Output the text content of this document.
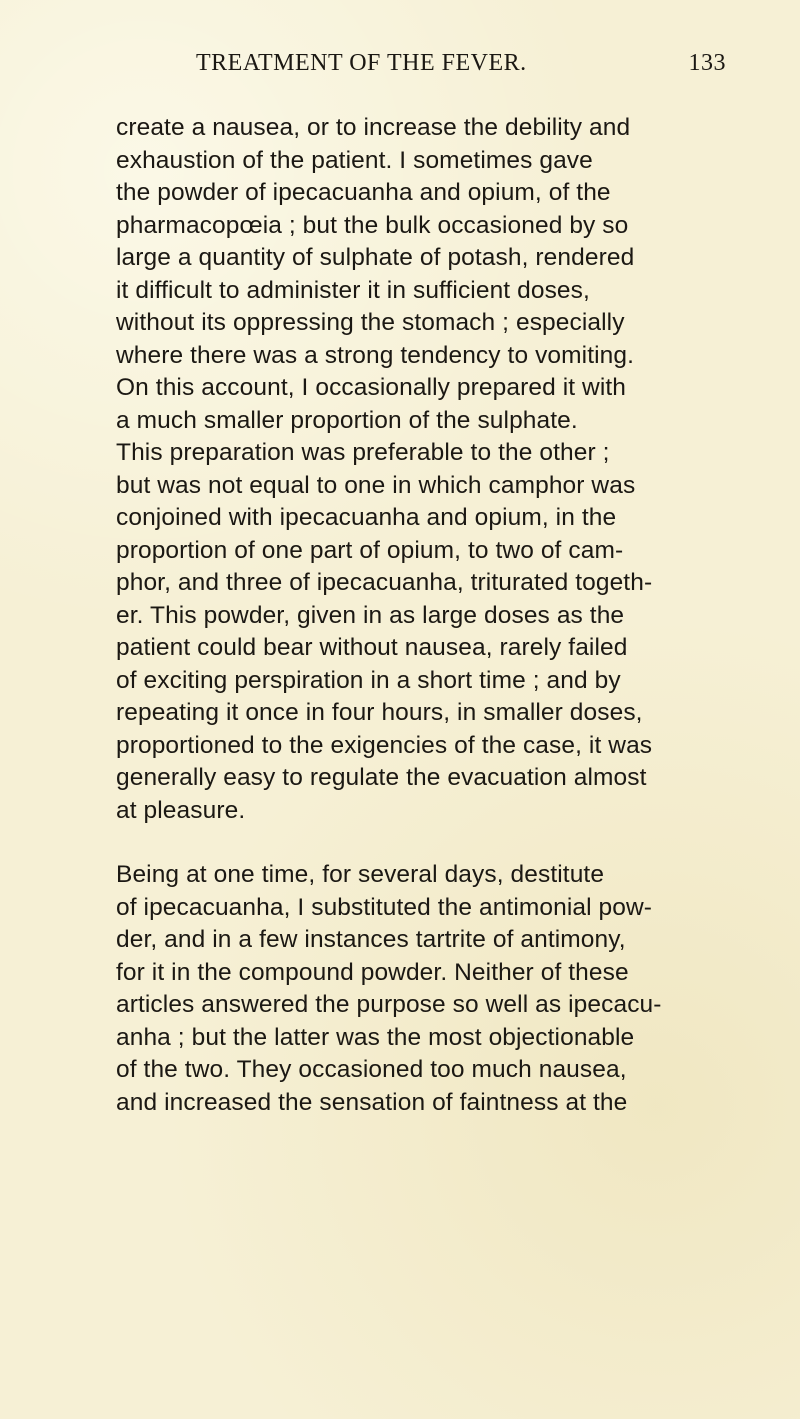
TREATMENT OF THE FEVER.	133
create a nausea, or to increase the debility and
exhaustion of the patient. I sometimes gave
the powder of ipecacuanha and opium, of the
pharmacopœia ; but the bulk occasioned by so
large a quantity of sulphate of potash, rendered
it difficult to administer it in sufficient doses,
without its oppressing the stomach ; especially
where there was a strong tendency to vomiting.
On this account, I occasionally prepared it with
a much smaller proportion of the sulphate.
This preparation was preferable to the other ;
but was not equal to one in which camphor was
conjoined with ipecacuanha and opium, in the
proportion of one part of opium, to two of cam-
phor, and three of ipecacuanha, triturated togeth-
er. This powder, given in as large doses as the
patient could bear without nausea, rarely failed
of exciting perspiration in a short time ; and by
repeating it once in four hours, in smaller doses,
proportioned to the exigencies of the case, it was
generally easy to regulate the evacuation almost
at pleasure.
Being at one time, for several days, destitute
of ipecacuanha, I substituted the antimonial pow-
der, and in a few instances tartrite of antimony,
for it in the compound powder. Neither of these
articles answered the purpose so well as ipecacu-
anha ; but the latter was the most objectionable
of the two. They occasioned too much nausea,
and increased the sensation of faintness at the
